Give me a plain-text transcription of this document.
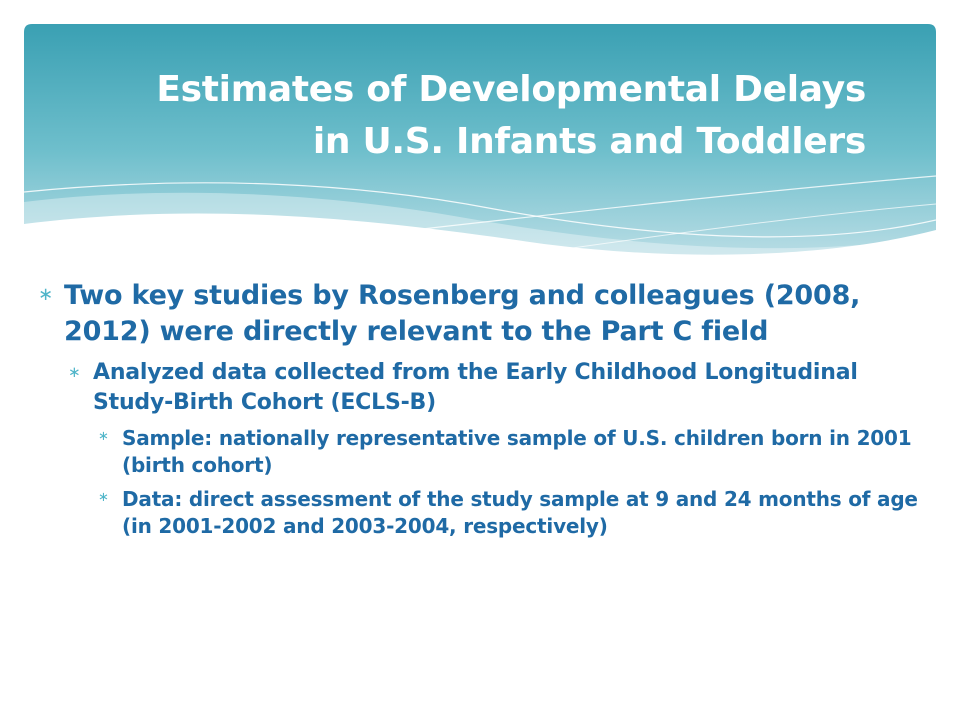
Estimates of Developmental Delays
in U.S. Infants and Toddlers
∗ Two key studies by Rosenberg and colleagues (2008, 2012) were directly relevant to the Part C field
∗ Analyzed data collected from the Early Childhood Longitudinal Study-Birth Cohort (ECLS-B)
∗ Sample: nationally representative sample of U.S. children born in 2001 (birth cohort)
∗ Data: direct assessment of the study sample at 9 and 24 months of age (in 2001-2002 and 2003-2004, respectively)
